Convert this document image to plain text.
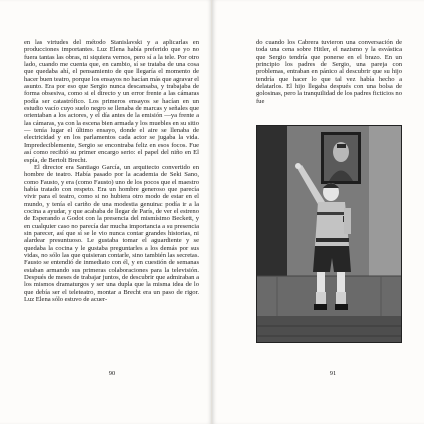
en las virtudes del método Stanislavski y a aplicarlas en producciones importantes. Luz Elena había preferido que yo no fuera tantas las obras, ni siquiera vernos, pero sí a la tele. Por otro lado, cuando me cuenta que, en cambio, sí se trataba de una cosa que quedaba ahí, el pensamiento de que llegaría el momento de hacer buen teatro, porque los ensayos no hacían más que agravar el asunto. Era por eso que Sergio nunca descansaba, y trabajaba de forma obsesiva, como si el directo y un error frente a las cámaras podía ser catastrófico. Los primeros ensayos se hacían en un estudio vacío cuyo suelo negro se llenaba de marcas y señales que orientaban a los actores, y el día antes de la emisión —ya frente a las cámaras, ya con la escena bien armada y los muebles en su sitio— tenía lugar el último ensayo, donde el aire se llenaba de electricidad y en los parlamentos cada actor se jugaba la vida. Impredeciblemente, Sergio se encontraba feliz en esos focos. Fue así como recibió su primer encargo serio: el papel del niño en El espía, de Bertolt Brecht.

El director era Santiago García, un arquitecto convertido en hombre de teatro. Había pasado por la academia de Seki Sano, como Fausto, y era (como Fausto) uno de los pocos que el maestro había tratado con respeto. Era un hombre generoso que parecía vivir para el teatro, como si no hubiera otro modo de estar en el mundo, y tenía el cariño de una modestia genuina: podía ir a la cocina a ayudar, y que acababa de llegar de París, de ver el estreno de Esperando a Godot con la presencia del mismísimo Beckett, y en cualquier caso no parecía dar mucha importancia a su presencia sin parecer, así que sí se le vio nunca contar grandes historias, ni alardear presuntuoso. Le gustaba tomar el aguardiente y se quedaba la cocina y le gustaba preguntarles a los demás por sus vidas, no sólo las que quisieran contarle, sino también las secretas. Fausto se entendió de inmediato con él, y en cuestión de semanas estaban armando sus primeras colaboraciones para la televisión. Después de meses de trabajar juntos, de descubrir que admiraban a los mismos dramaturgos y ser una dupla que la misma idea de lo que debía ser el teleteatro, montar a Brecht era un paso de rigor. Luz Elena sólo estuvo de acuer-

90

do cuando los Cabrera tuvieron una conversación de toda una cena sobre Hitler, el nazismo y la esvástica que Sergio tendría que ponerse en el brazo. En un principio los padres de Sergio, una pareja con problemas, entraban en pánico al descubrir que su hijo tendría que hacer lo que tal vez había hecho a delatarlos. El hijo llegaba después con una bolsa de golosinas, pero la tranquilidad de los padres ficticios no fue

91
